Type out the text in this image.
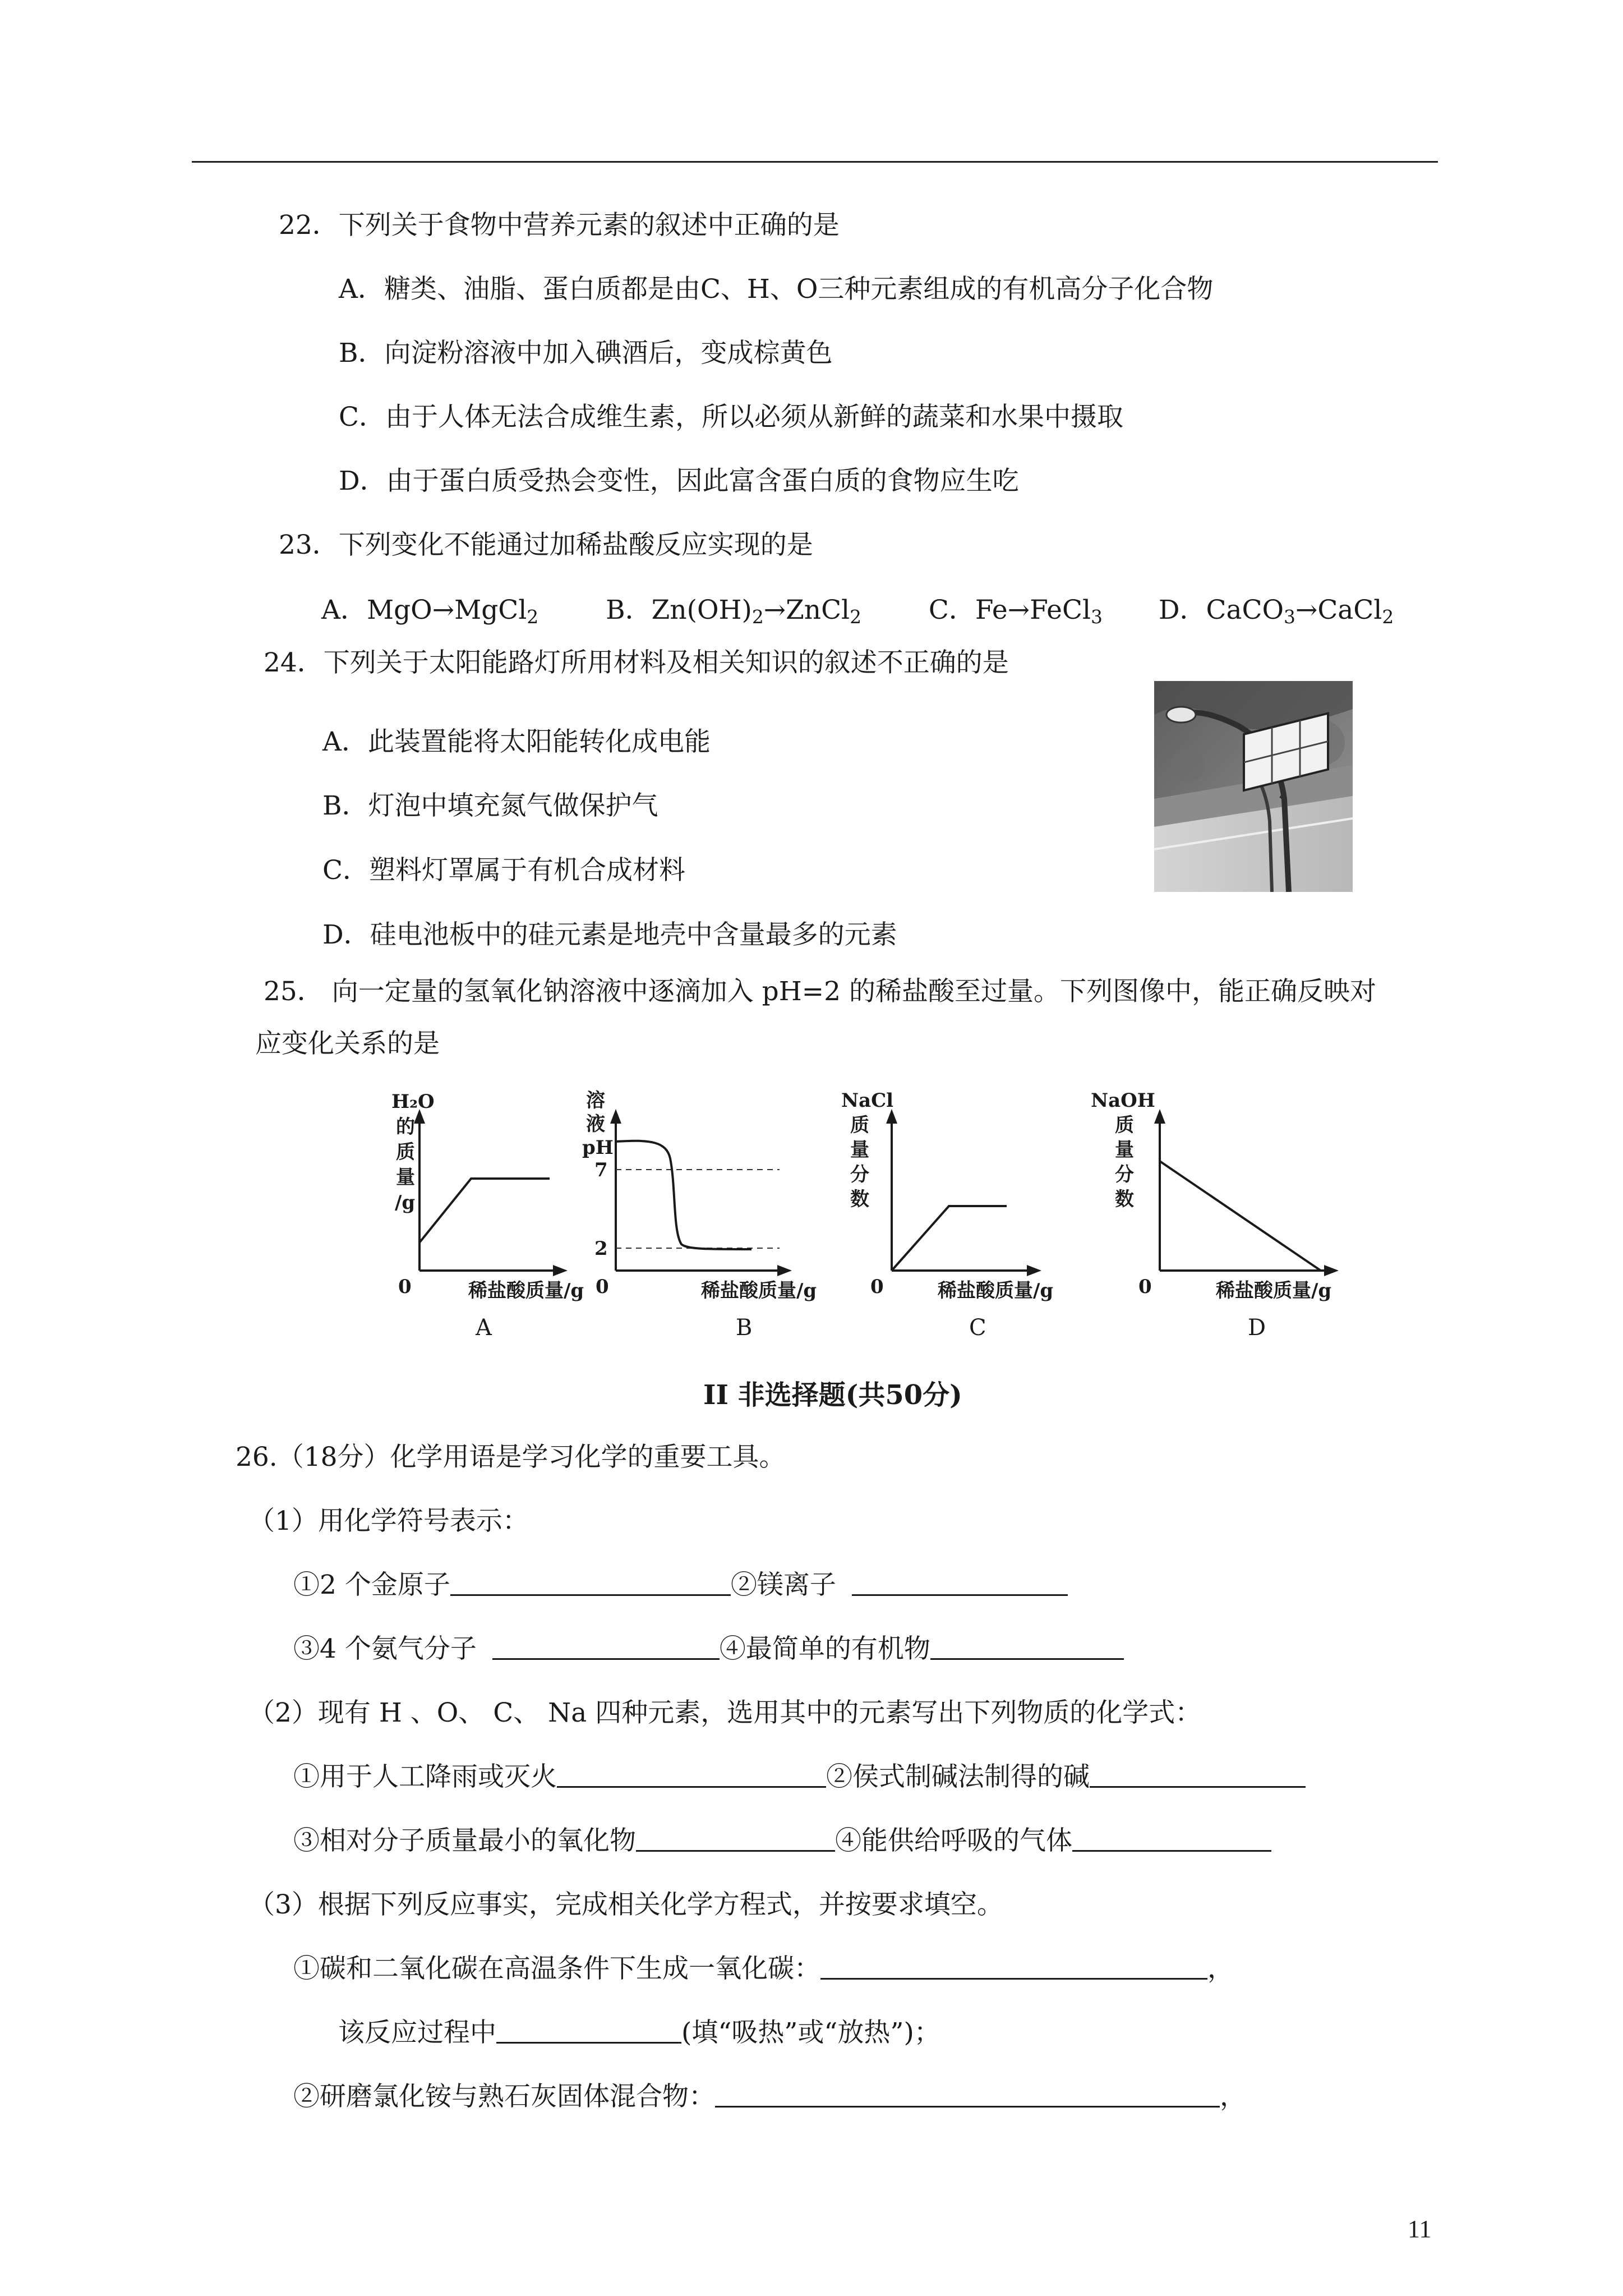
22．下列关于食物中营养元素的叙述中正确的是
A．糖类、油脂、蛋白质都是由C、H、O三种元素组成的有机高分子化合物
B．向淀粉溶液中加入碘酒后，变成棕黄色
C．由于人体无法合成维生素，所以必须从新鲜的蔬菜和水果中摄取
D．由于蛋白质受热会变性，因此富含蛋白质的食物应生吃
23．下列变化不能通过加稀盐酸反应实现的是
A．MgO→MgCl$_2$	B．$Zn(OH)_2\to ZnCl_2$	C．Fe→FeCl$_3$ D．CaCO$_3$→CaCl$_2$
24．下列关于太阳能路灯所用材料及相关知识的叙述不正确的是
A．此装置能将太阳能转化成电能
B．灯泡中填充氮气做保护气
C．塑料灯罩属于有机合成材料
D．硅电池板中的硅元素是地壳中含量最多的元素
25． 向一定量的氢氧化钠溶液中逐滴加入 pH=2 的稀盐酸至过量。下列图像中，能正确反映对
应变化关系的是
H₂O
的
质
量
/g
0	稀盐酸质量/g
A
溶
液
pH
7
2
0	稀盐酸质量/g
B
NaCl
质
量
分
数
0	稀盐酸质量/g
C
NaOH
质
量
分
数
0	稀盐酸质量/g
D
II 非选择题(共50分)
26.（18分）化学用语是学习化学的重要工具。
（1）用化学符号表示：
①2 个金原子	②镁离子
③4 个氨气分子	④最简单的有机物
（2）现有 H 、O、 C、 Na 四种元素，选用其中的元素写出下列物质的化学式：
①用于人工降雨或灭火	②侯式制碱法制得的碱
③相对分子质量最小的氧化物	④能供给呼吸的气体
（3）根据下列反应事实，完成相关化学方程式，并按要求填空。
①碳和二氧化碳在高温条件下生成一氧化碳：	，
该反应过程中	(填“吸热”或“放热”)；
②研磨氯化铵与熟石灰固体混合物：	，
11
